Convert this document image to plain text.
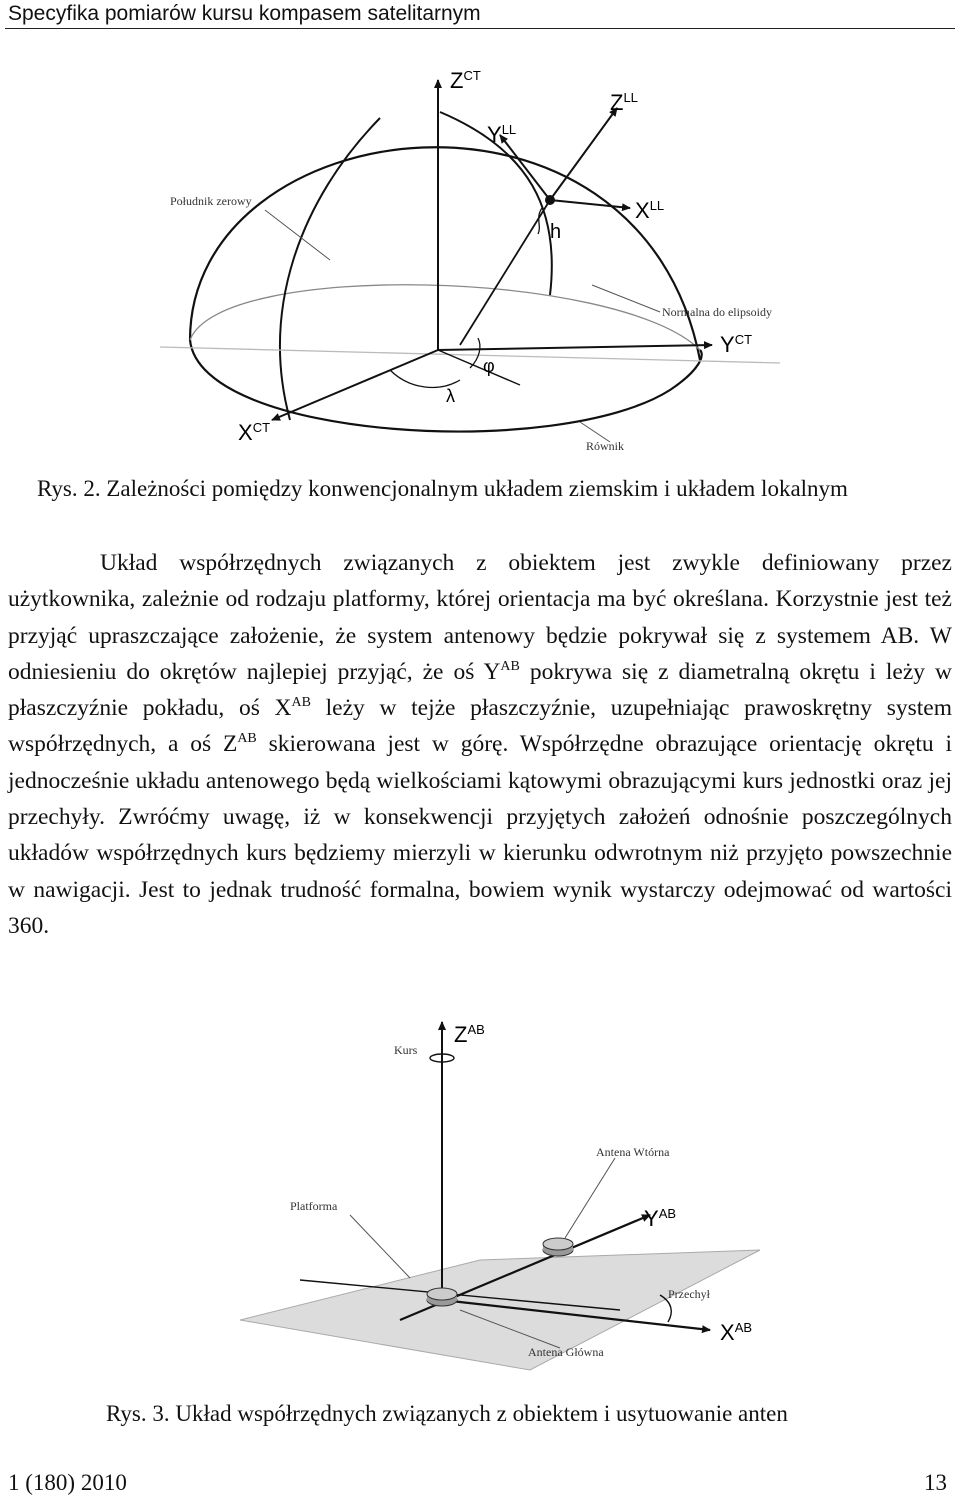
Specyfika pomiarów kursu kompasem satelitarnym
$Z^{CT}$
$Z^{LL}$
$Y^{LL}$
$X^{LL}$
h
Południk zerowy
Normalna do elipsoidy
$Y^{CT}$
φ
λ
$X^{CT}$
Równik
Rys. 2. Zależności pomiędzy konwencjonalnym układem ziemskim i układem lokalnym

Układ współrzędnych związanych z obiektem jest zwykle definiowany przez użytkownika, zależnie od rodzaju platformy, której orientacja ma być określana. Korzystnie jest też przyjąć upraszczające założenie, że system antenowy będzie pokrywał się z systemem AB. W odniesieniu do okrętów najlepiej przyjąć, że oś $Y^{AB}$ pokrywa się z diametralną okrętu i leży w płaszczyźnie pokładu, oś $X^{AB}$ leży w tejże płaszczyźnie, uzupełniając prawoskrętny system współrzędnych, a oś $Z^{AB}$ skierowana jest w górę. Współrzędne obrazujące orientację okrętu i jednocześnie układu antenowego będą wielkościami kątowymi obrazującymi kurs jednostki oraz jej przechyły. Zwróćmy uwagę, iż w konsekwencji przyjętych założeń odnośnie poszczególnych układów współrzędnych kurs będziemy mierzyli w kierunku odwrotnym niż przyjęto powszechnie w nawigacji. Jest to jednak trudność formalna, bowiem wynik wystarczy odejmować od wartości 360.

Kurs
$Z^{AB}$
Antena Wtórna
Platforma	$Y^{AB}$
Przechył
$X^{AB}$
Antena Główna
Rys. 3. Układ współrzędnych związanych z obiektem i usytuowanie anten
1 (180) 2010	13
